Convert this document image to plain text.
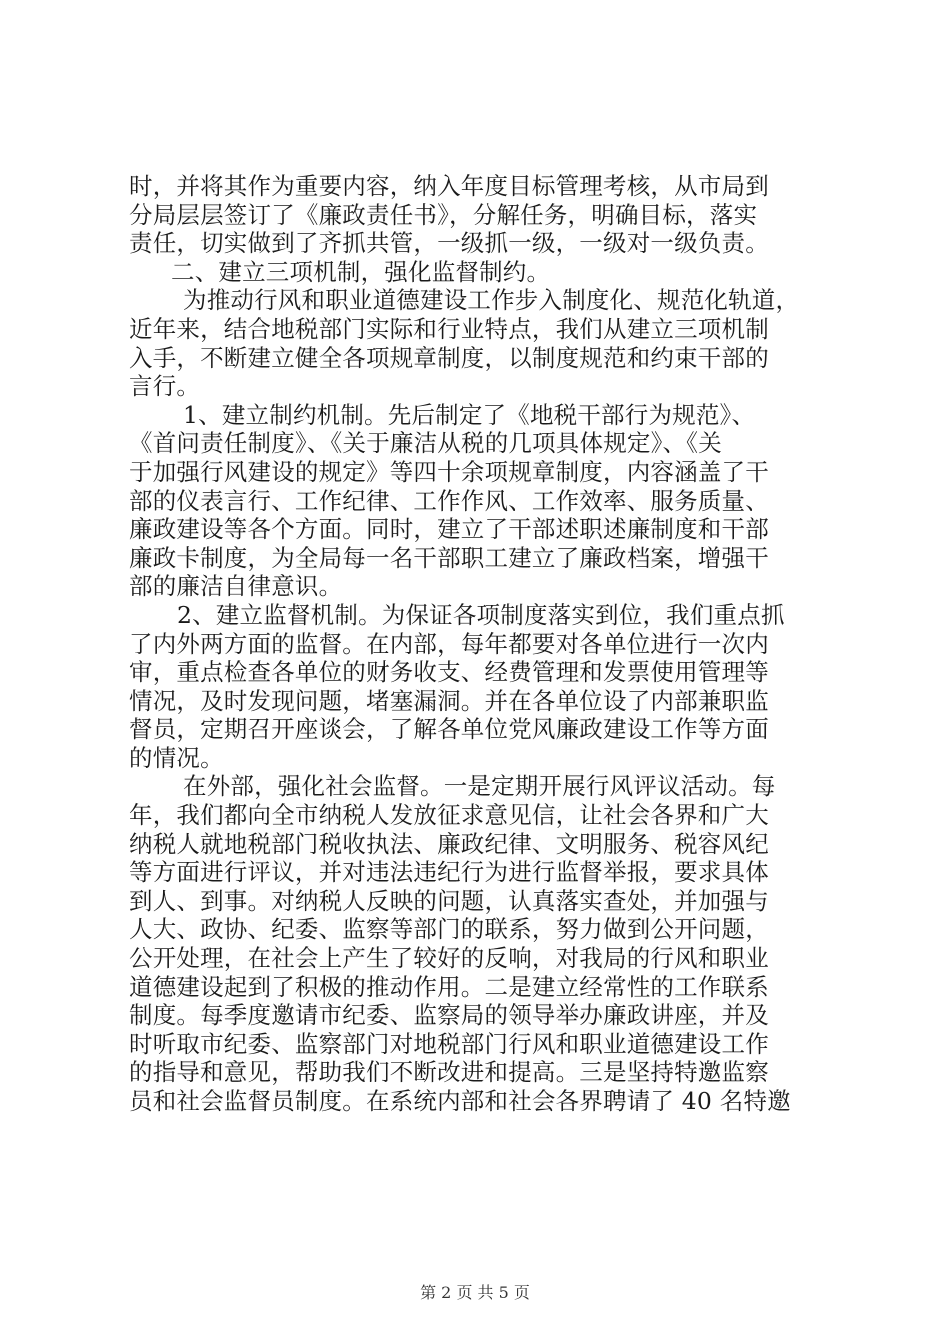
时，并将其作为重要内容，纳入年度目标管理考核，从市局到
分局层层签订了《廉政责任书》，分解任务，明确目标，落实
责任，切实做到了齐抓共管，一级抓一级，一级对一级负责。
二、建立三项机制，强化监督制约。
为推动行风和职业道德建设工作步入制度化、规范化轨道，
近年来，结合地税部门实际和行业特点，我们从建立三项机制
入手，不断建立健全各项规章制度，以制度规范和约束干部的
言行。
1、建立制约机制。先后制定了《地税干部行为规范》、
《首问责任制度》、《关于廉洁从税的几项具体规定》、《关
于加强行风建设的规定》等四十余项规章制度，内容涵盖了干
部的仪表言行、工作纪律、工作作风、工作效率、服务质量、
廉政建设等各个方面。同时，建立了干部述职述廉制度和干部
廉政卡制度，为全局每一名干部职工建立了廉政档案，增强干
部的廉洁自律意识。
2、建立监督机制。为保证各项制度落实到位，我们重点抓
了内外两方面的监督。在内部，每年都要对各单位进行一次内
审，重点检查各单位的财务收支、经费管理和发票使用管理等
情况，及时发现问题，堵塞漏洞。并在各单位设了内部兼职监
督员，定期召开座谈会，了解各单位党风廉政建设工作等方面
的情况。
在外部，强化社会监督。一是定期开展行风评议活动。每
年，我们都向全市纳税人发放征求意见信，让社会各界和广大
纳税人就地税部门税收执法、廉政纪律、文明服务、税容风纪
等方面进行评议，并对违法违纪行为进行监督举报，要求具体
到人、到事。对纳税人反映的问题，认真落实查处，并加强与
人大、政协、纪委、监察等部门的联系，努力做到公开问题，
公开处理，在社会上产生了较好的反响，对我局的行风和职业
道德建设起到了积极的推动作用。二是建立经常性的工作联系
制度。每季度邀请市纪委、监察局的领导举办廉政讲座，并及
时听取市纪委、监察部门对地税部门行风和职业道德建设工作
的指导和意见，帮助我们不断改进和提高。三是坚持特邀监察
员和社会监督员制度。在系统内部和社会各界聘请了 40 名特邀
第 2 页 共 5 页
